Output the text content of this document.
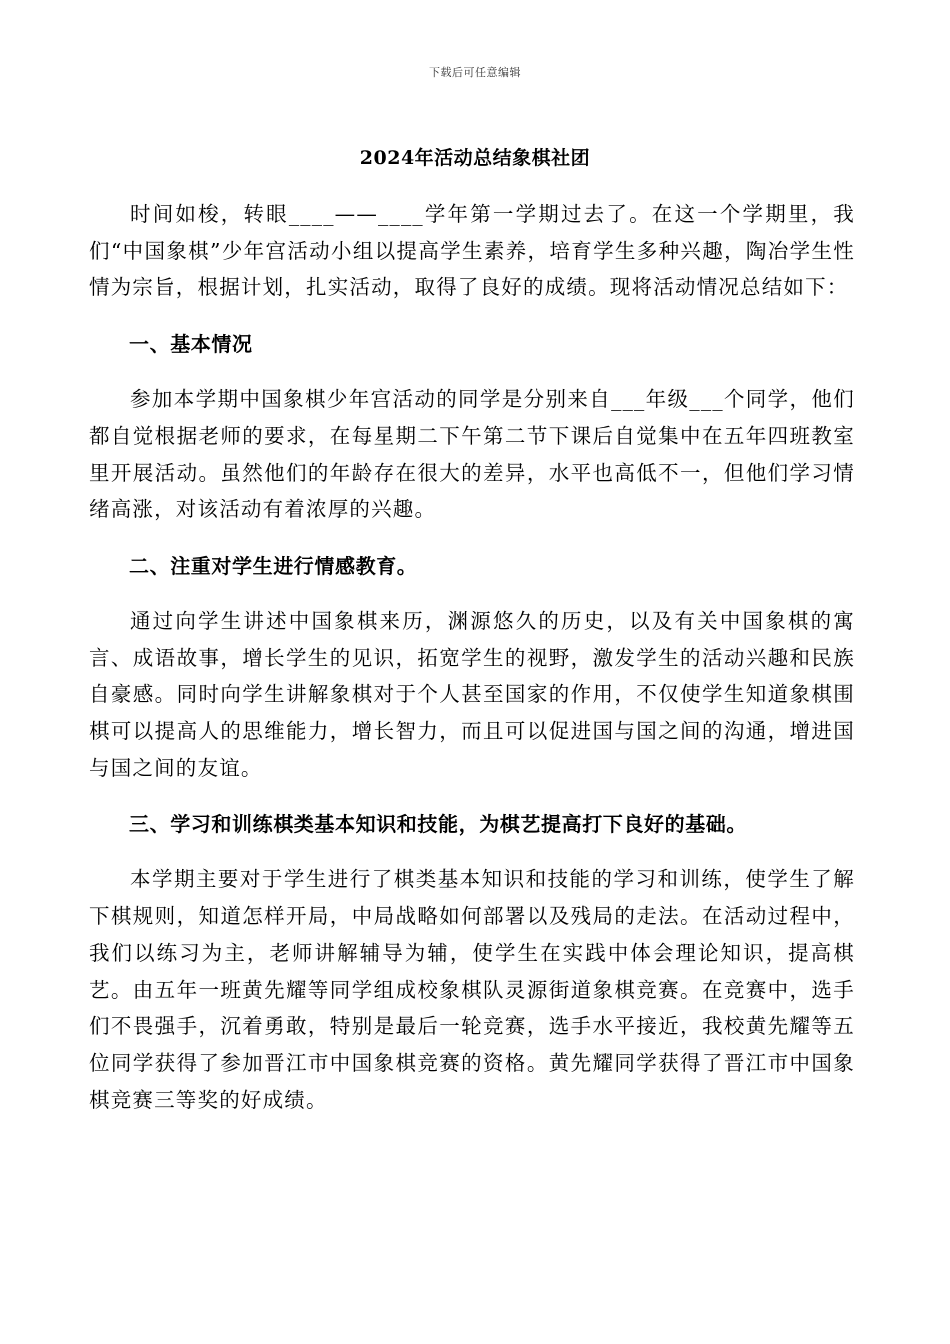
下载后可任意编辑
2024年活动总结象棋社团

时间如梭，转眼____——____学年第一学期过去了。在这一个学期里，我们“中国象棋”少年宫活动小组以提高学生素养，培育学生多种兴趣，陶冶学生性情为宗旨，根据计划，扎实活动，取得了良好的成绩。现将活动情况总结如下：

一、基本情况

参加本学期中国象棋少年宫活动的同学是分别来自___年级___个同学，他们都自觉根据老师的要求，在每星期二下午第二节下课后自觉集中在五年四班教室里开展活动。虽然他们的年龄存在很大的差异，水平也高低不一，但他们学习情绪高涨，对该活动有着浓厚的兴趣。

二、注重对学生进行情感教育。

通过向学生讲述中国象棋来历，渊源悠久的历史，以及有关中国象棋的寓言、成语故事，增长学生的见识，拓宽学生的视野，激发学生的活动兴趣和民族自豪感。同时向学生讲解象棋对于个人甚至国家的作用，不仅使学生知道象棋围棋可以提高人的思维能力，增长智力，而且可以促进国与国之间的沟通，增进国与国之间的友谊。

三、学习和训练棋类基本知识和技能，为棋艺提高打下良好的基础。

本学期主要对于学生进行了棋类基本知识和技能的学习和训练，使学生了解下棋规则，知道怎样开局，中局战略如何部署以及残局的走法。在活动过程中，我们以练习为主，老师讲解辅导为辅，使学生在实践中体会理论知识，提高棋艺。由五年一班黄先耀等同学组成校象棋队灵源街道象棋竞赛。在竞赛中，选手们不畏强手，沉着勇敢，特别是最后一轮竞赛，选手水平接近，我校黄先耀等五位同学获得了参加晋江市中国象棋竞赛的资格。黄先耀同学获得了晋江市中国象棋竞赛三等奖的好成绩。
